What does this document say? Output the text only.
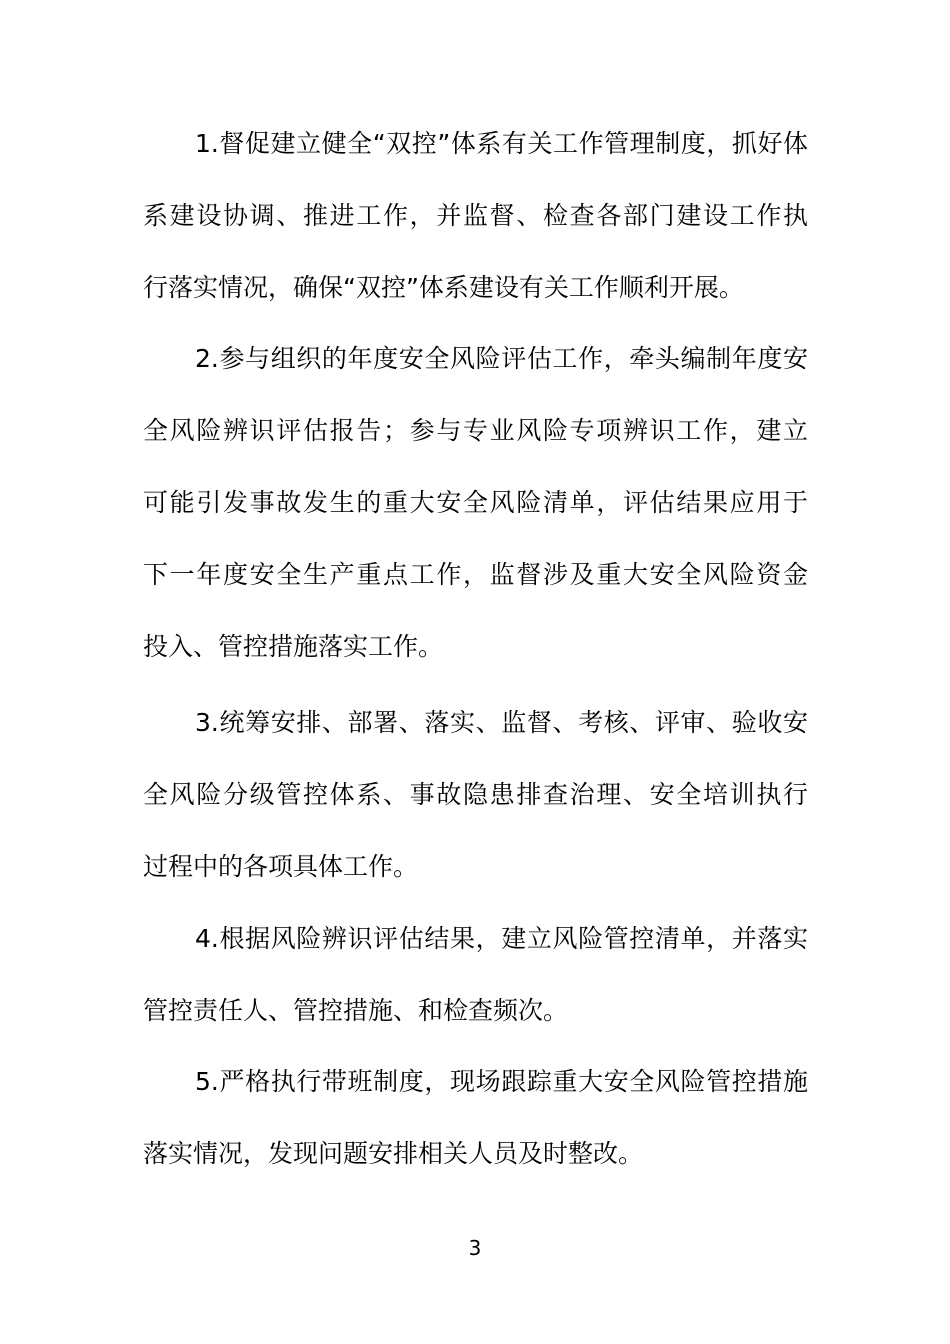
1.督促建立健全“双控”体系有关工作管理制度，抓好体
系建设协调、推进工作，并监督、检查各部门建设工作执
行落实情况，确保“双控”体系建设有关工作顺利开展。
2.参与组织的年度安全风险评估工作，牵头编制年度安
全风险辨识评估报告；参与专业风险专项辨识工作，建立
可能引发事故发生的重大安全风险清单，评估结果应用于
下一年度安全生产重点工作，监督涉及重大安全风险资金
投入、管控措施落实工作。
3.统筹安排、部署、落实、监督、考核、评审、验收安
全风险分级管控体系、事故隐患排查治理、安全培训执行
过程中的各项具体工作。
4.根据风险辨识评估结果，建立风险管控清单，并落实
管控责任人、管控措施、和检查频次。
5.严格执行带班制度，现场跟踪重大安全风险管控措施
落实情况，发现问题安排相关人员及时整改。
3
